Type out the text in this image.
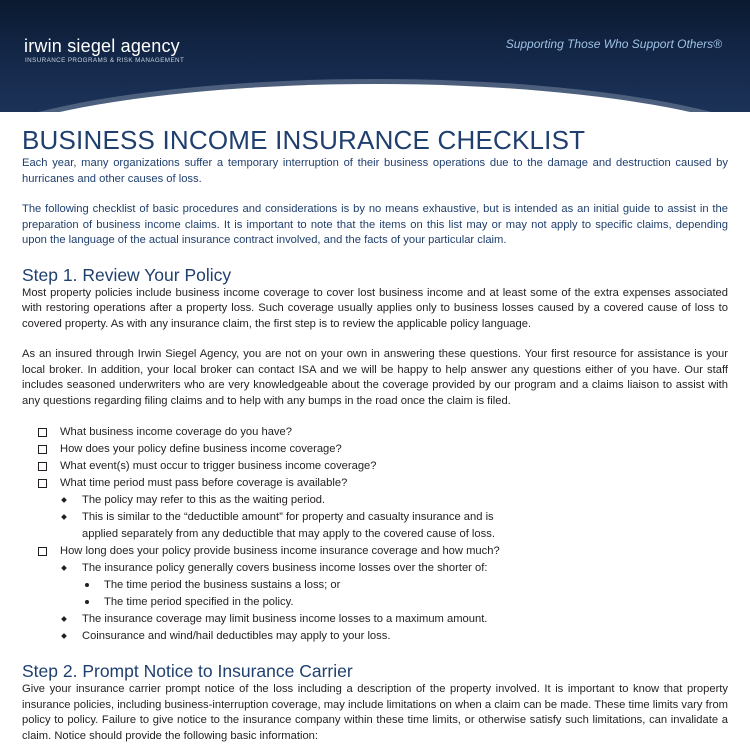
irwin siegel agency
INSURANCE PROGRAMS & RISK MANAGEMENT
Supporting Those Who Support Others®
BUSINESS INCOME INSURANCE CHECKLIST

Each year, many organizations suffer a temporary interruption of their business operations due to the damage and destruction caused by hurricanes and other causes of loss.

The following checklist of basic procedures and considerations is by no means exhaustive, but is intended as an initial guide to assist in the preparation of business income claims. It is important to note that the items on this list may or may not apply to specific claims, depending upon the language of the actual insurance contract involved, and the facts of your particular claim.

Step 1. Review Your Policy

Most property policies include business income coverage to cover lost business income and at least some of the extra expenses associated with restoring operations after a property loss. Such coverage usually applies only to business losses caused by a covered cause of loss to covered property. As with any insurance claim, the first step is to review the applicable policy language.

As an insured through Irwin Siegel Agency, you are not on your own in answering these questions. Your first resource for assistance is your local broker. In addition, your local broker can contact ISA and we will be happy to help answer any questions either of you have. Our staff includes seasoned underwriters who are very knowledgeable about the coverage provided by our program and a claims liaison to assist with any questions regarding filing claims and to help with any bumps in the road once the claim is filed.

What business income coverage do you have?
How does your policy define business income coverage?
What event(s) must occur to trigger business income coverage?
What time period must pass before coverage is available?
The policy may refer to this as the waiting period.
This is similar to the “deductible amount” for property and casualty insurance and is applied separately from any deductible that may apply to the covered cause of loss.
How long does your policy provide business income insurance coverage and how much?
The insurance policy generally covers business income losses over the shorter of:
The time period the business sustains a loss; or
The time period specified in the policy.
The insurance coverage may limit business income losses to a maximum amount.
Coinsurance and wind/hail deductibles may apply to your loss.
Step 2. Prompt Notice to Insurance Carrier

Give your insurance carrier prompt notice of the loss including a description of the property involved. It is important to know that property insurance policies, including business-interruption coverage, may include limitations on when a claim can be made. These time limits vary from policy to policy. Failure to give notice to the insurance company within these time limits, or otherwise satisfy such limitations, can invalidate a claim. Notice should provide the following basic information:
